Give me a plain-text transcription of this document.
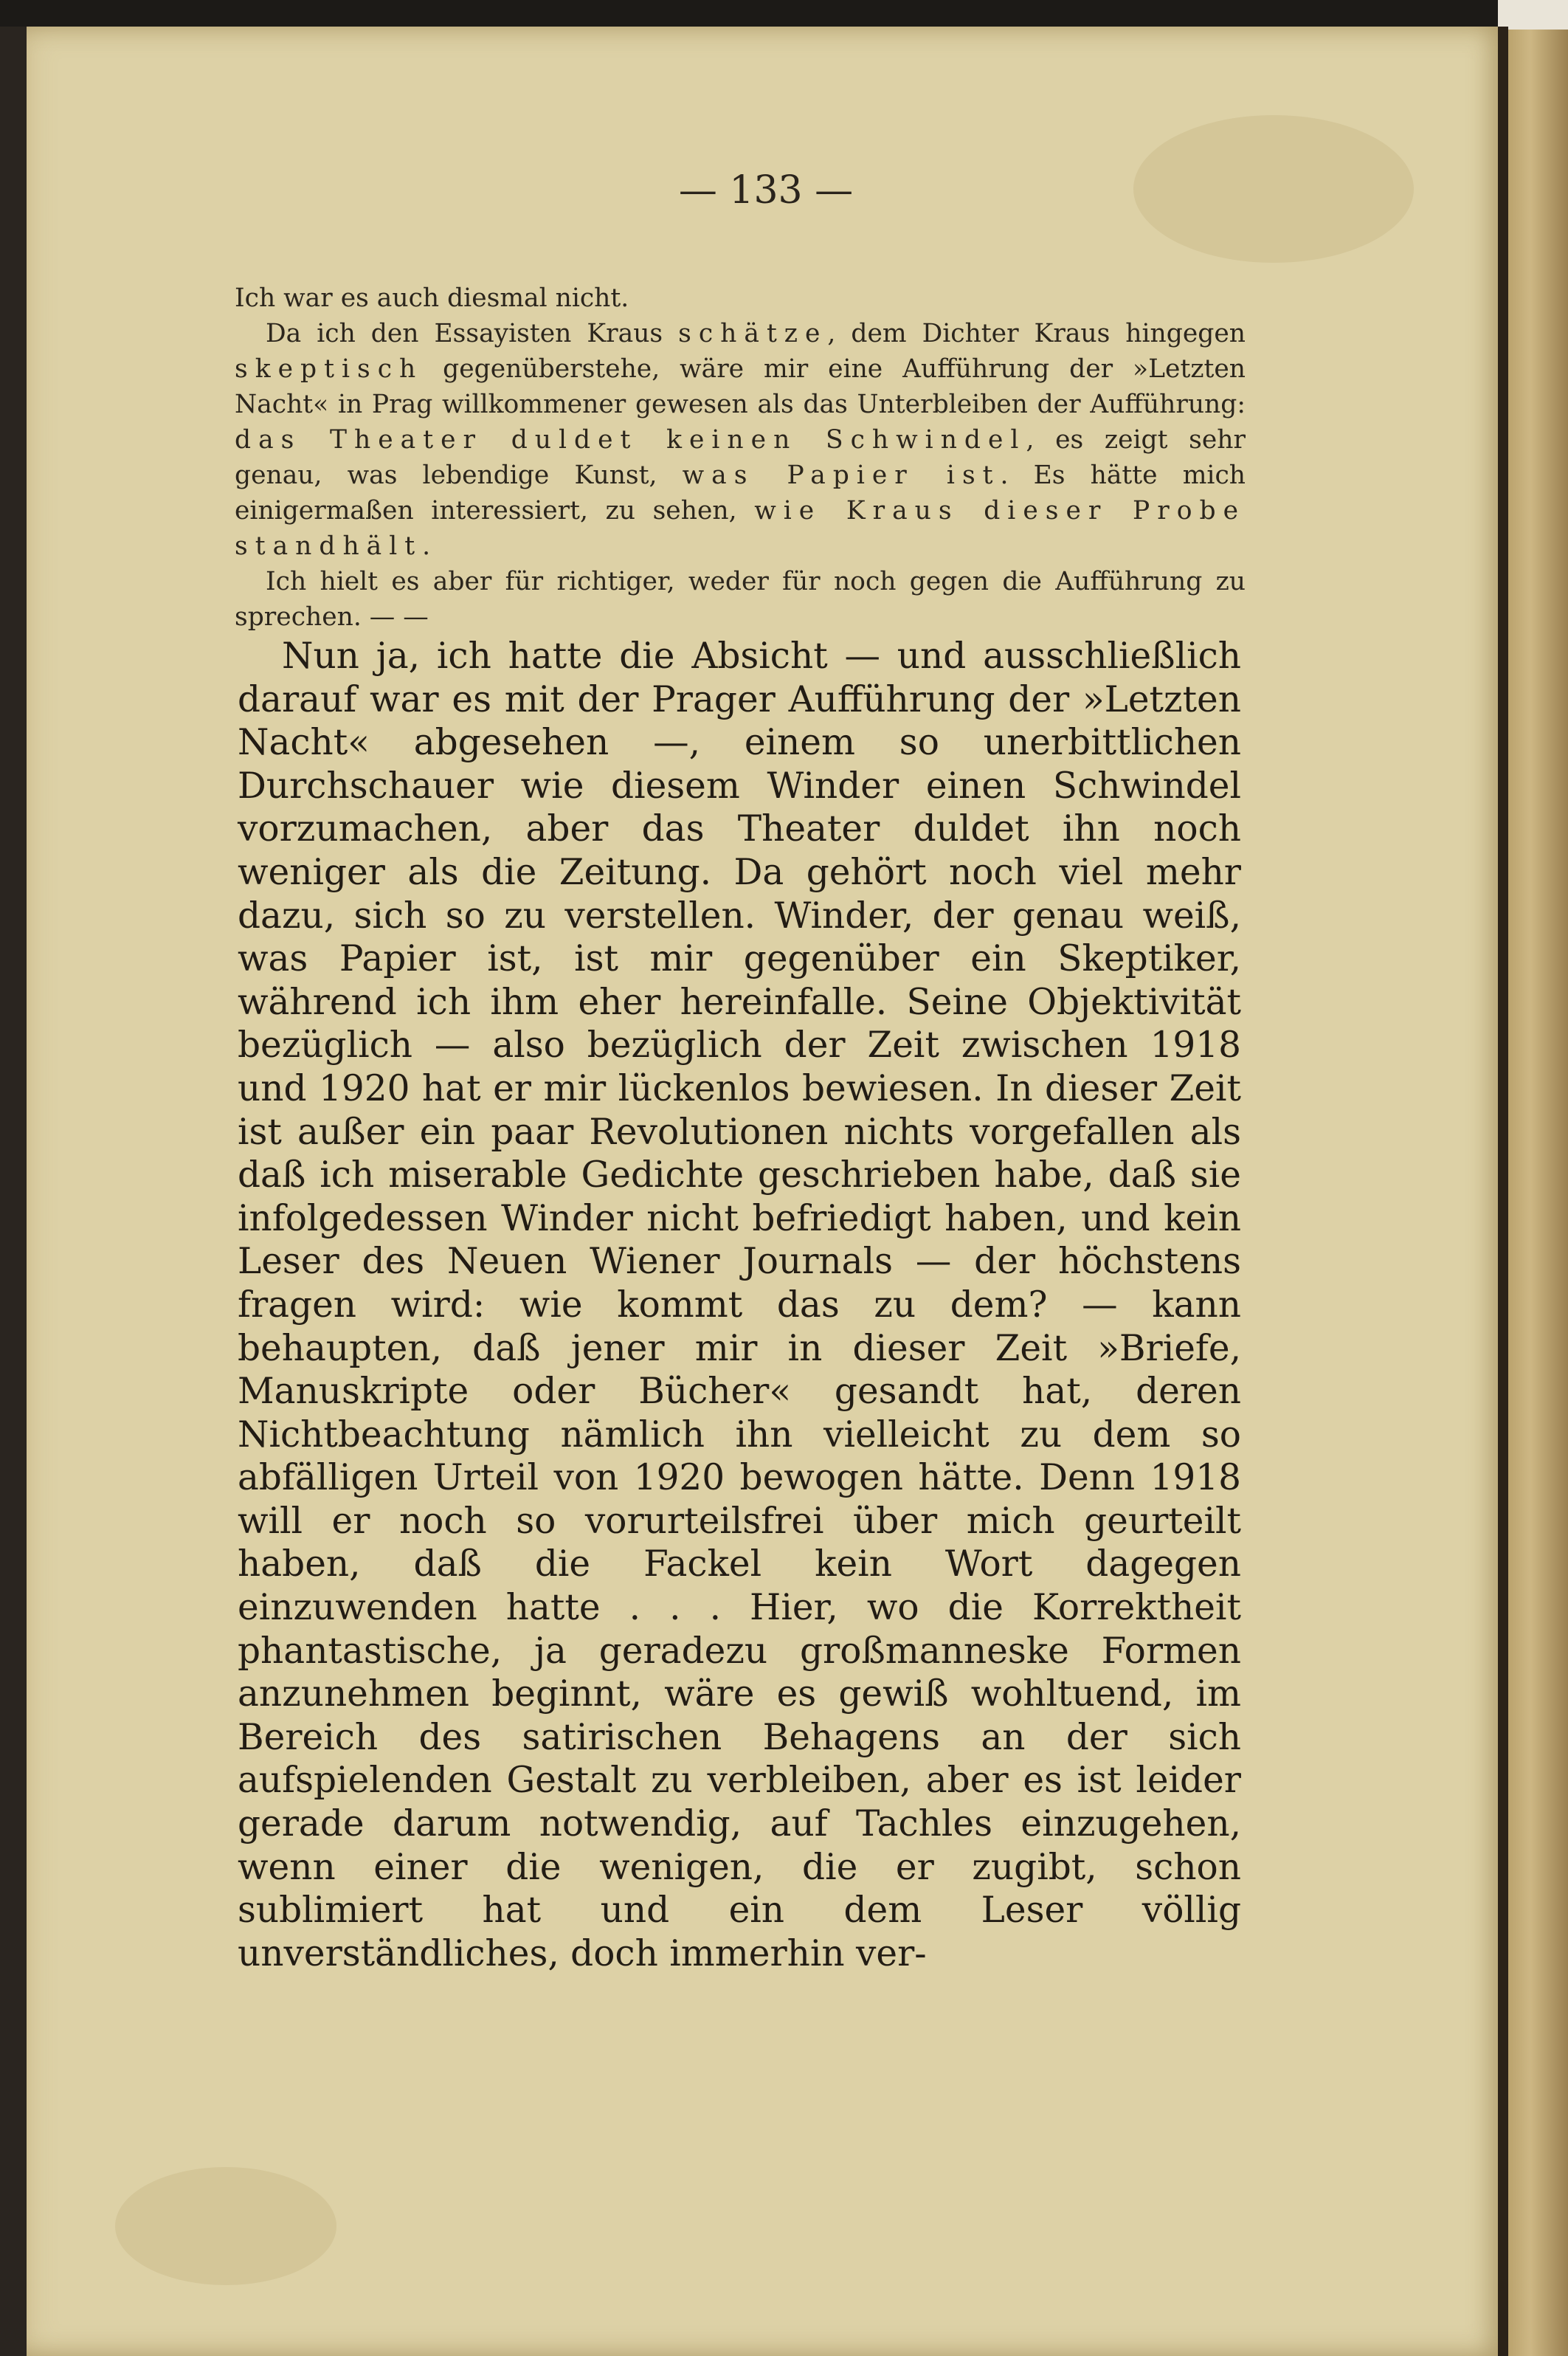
— 133 —

Ich war es auch diesmal nicht.

Da ich den Essayisten Kraus schätze, dem Dichter Kraus hingegen skeptisch gegenüberstehe, wäre mir eine Aufführung der »Letzten Nacht« in Prag willkommener gewesen als das Unterbleiben der Aufführung: das Theater duldet keinen Schwindel, es zeigt sehr genau, was lebendige Kunst, was Papier ist. Es hätte mich einigermaßen interessiert, zu sehen, wie Kraus dieser Probe standhält.

Ich hielt es aber für richtiger, weder für noch gegen die Aufführung zu sprechen. — —

Nun ja, ich hatte die Absicht — und ausschließlich darauf war es mit der Prager Aufführung der »Letzten Nacht« abgesehen —, einem so unerbittlichen Durchschauer wie diesem Winder einen Schwindel vorzumachen, aber das Theater duldet ihn noch weniger als die Zeitung. Da gehört noch viel mehr dazu, sich so zu verstellen. Winder, der genau weiß, was Papier ist, ist mir gegenüber ein Skeptiker, während ich ihm eher hereinfalle. Seine Objektivität bezüglich — also bezüglich der Zeit zwischen 1918 und 1920 hat er mir lückenlos bewiesen. In dieser Zeit ist außer ein paar Revolutionen nichts vorgefallen als daß ich miserable Gedichte geschrieben habe, daß sie infolgedessen Winder nicht befriedigt haben, und kein Leser des Neuen Wiener Journals — der höchstens fragen wird: wie kommt das zu dem? — kann behaupten, daß jener mir in dieser Zeit »Briefe, Manuskripte oder Bücher« gesandt hat, deren Nichtbeachtung nämlich ihn vielleicht zu dem so abfälligen Urteil von 1920 bewogen hätte. Denn 1918 will er noch so vorurteilsfrei über mich geurteilt haben, daß die Fackel kein Wort dagegen einzuwenden hatte . . . Hier, wo die Korrektheit phantastische, ja geradezu großmanneske Formen anzunehmen beginnt, wäre es gewiß wohltuend, im Bereich des satirischen Behagens an der sich aufspielenden Gestalt zu verbleiben, aber es ist leider gerade darum notwendig, auf Tachles einzugehen, wenn einer die wenigen, die er zugibt, schon sublimiert hat und ein dem Leser völlig unverständliches, doch immerhin ver-
